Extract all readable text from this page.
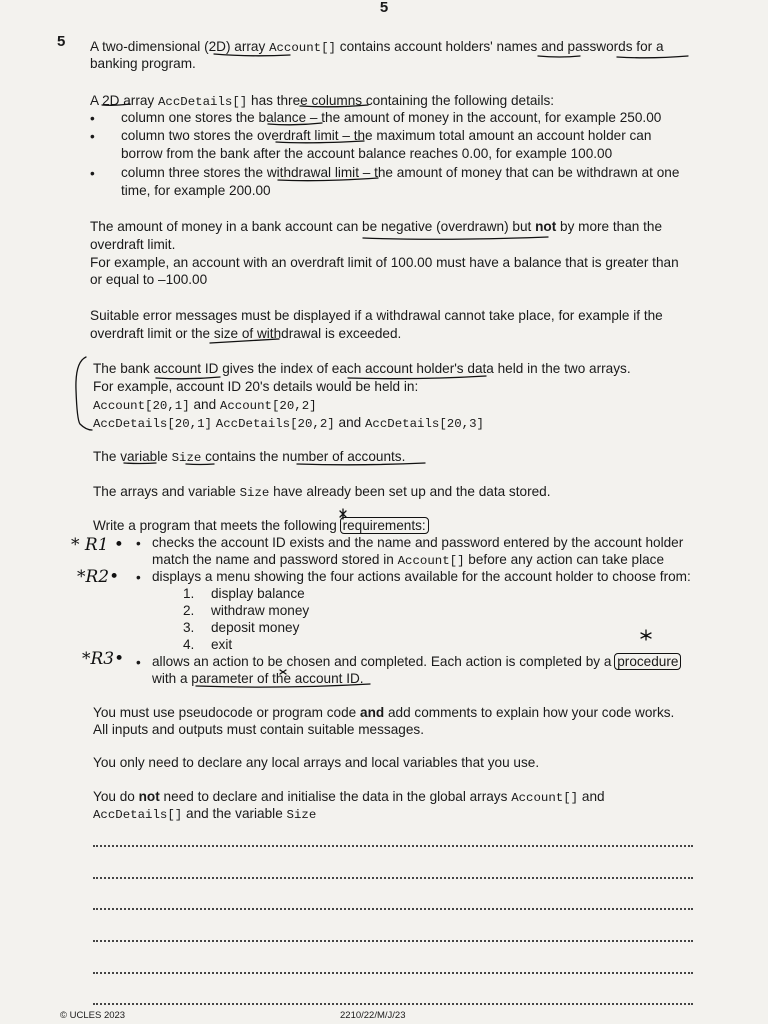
5
5 A two-dimensional (2D) array Account[] contains account holders' names and passwords for a
banking program.
A 2D array AccDetails[] has three columns containing the following details:
•	column one stores the balance – the amount of money in the account, for example 250.00
•	column two stores the overdraft limit – the maximum total amount an account holder can
borrow from the bank after the account balance reaches 0.00, for example 100.00
•	column three stores the withdrawal limit – the amount of money that can be withdrawn at one
time, for example 200.00
The amount of money in a bank account can be negative (overdrawn) but not by more than the
overdraft limit.
For example, an account with an overdraft limit of 100.00 must have a balance that is greater than
or equal to –100.00
Suitable error messages must be displayed if a withdrawal cannot take place, for example if the
overdraft limit or the size of withdrawal is exceeded.
The bank account ID gives the index of each account holder's data held in the two arrays.
For example, account ID 20's details would be held in:
Account[20,1] and Account[20,2]
AccDetails[20,1] AccDetails[20,2] and AccDetails[20,3]
The variable Size contains the number of accounts.
The arrays and variable Size have already been set up and the data stored.
Write a program that meets the following requirements:
• checks the account ID exists and the name and password entered by the account holder
match the name and password stored in Account[] before any action can take place
• displays a menu showing the four actions available for the account holder to choose from:
1. display balance
2. withdraw money
3. deposit money
4. exit
• allows an action to be chosen and completed. Each action is completed by a procedure
with a parameter of the account ID.
You must use pseudocode or program code and add comments to explain how your code works.
All inputs and outputs must contain suitable messages.
You only need to declare any local arrays and local variables that you use.
You do not need to declare and initialise the data in the global arrays Account[] and
AccDetails[] and the variable Size
* R1 •
*R2•
*R3•
© UCLES 2023	2210/22/M/J/23
